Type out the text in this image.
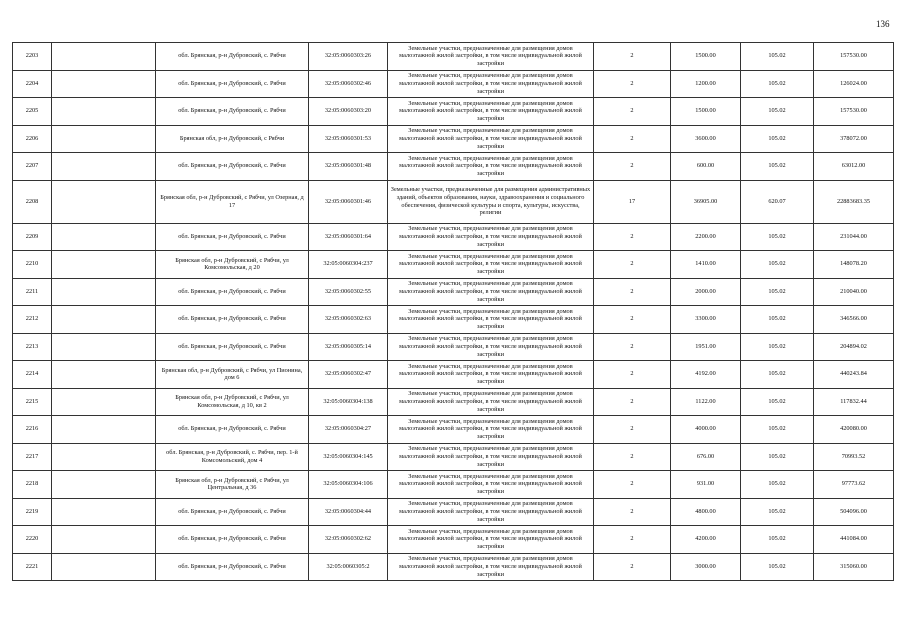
136
2203		обл. Брянская, р-н Дубровский, с. Рябчи	32:05:0060303:26	Земельные участки, предназначенные для размещения домов малоэтажной жилой застройки, в том числе индивидуальной жилой застройки	2	1500.00	105.02	157530.00
2204		обл. Брянская, р-н Дубровский, с. Рябчи	32:05:0060302:46	Земельные участки, предназначенные для размещения домов малоэтажной жилой застройки, в том числе индивидуальной жилой застройки	2	1200.00	105.02	126024.00
2205		обл. Брянская, р-н Дубровский, с. Рябчи	32:05:0060303:20	Земельные участки, предназначенные для размещения домов малоэтажной жилой застройки, в том числе индивидуальной жилой застройки	2	1500.00	105.02	157530.00
2206		Брянская обл, р-н Дубровский, с Рябчи	32:05:0060301:53	Земельные участки, предназначенные для размещения домов малоэтажной жилой застройки, в том числе индивидуальной жилой застройки	2	3600.00	105.02	378072.00
2207		обл. Брянская, р-н Дубровский, с. Рябчи	32:05:0060301:48	Земельные участки, предназначенные для размещения домов малоэтажной жилой застройки, в том числе индивидуальной жилой застройки	2	600.00	105.02	63012.00
2208		Брянская обл, р-н Дубровский, с Рябчи, ул Озерная, д 17	32:05:0060301:46	Земельные участки, предназначенные для размещения административных зданий, объектов образования, науки, здравоохранения и социального обеспечения, физической культуры и спорта, культуры, искусства, религии	17	36905.00	620.07	22883683.35
2209		обл. Брянская, р-н Дубровский, с. Рябчи	32:05:0060301:64	Земельные участки, предназначенные для размещения домов малоэтажной жилой застройки, в том числе индивидуальной жилой застройки	2	2200.00	105.02	231044.00
2210		Брянская обл, р-н Дубровский, с Рябчи, ул Комсомольская, д 20	32:05:0060304:237	Земельные участки, предназначенные для размещения домов малоэтажной жилой застройки, в том числе индивидуальной жилой застройки	2	1410.00	105.02	148078.20
2211		обл. Брянская, р-н Дубровский, с. Рябчи	32:05:0060302:55	Земельные участки, предназначенные для размещения домов малоэтажной жилой застройки, в том числе индивидуальной жилой застройки	2	2000.00	105.02	210040.00
2212		обл. Брянская, р-н Дубровский, с. Рябчи	32:05:0060302:63	Земельные участки, предназначенные для размещения домов малоэтажной жилой застройки, в том числе индивидуальной жилой застройки	2	3300.00	105.02	346566.00
2213		обл. Брянская, р-н Дубровский, с. Рябчи	32:05:0060305:14	Земельные участки, предназначенные для размещения домов малоэтажной жилой застройки, в том числе индивидуальной жилой застройки	2	1951.00	105.02	204894.02
2214		Брянская обл, р-н Дубровский, с Рябчи, ул Пионина, дом 6	32:05:0060302:47	Земельные участки, предназначенные для размещения домов малоэтажной жилой застройки, в том числе индивидуальной жилой застройки	2	4192.00	105.02	440243.84
2215		Брянская обл, р-н Дубровский, с Рябчи, ул Комсомольская, д 10, кв 2	32:05:0060304:138	Земельные участки, предназначенные для размещения домов малоэтажной жилой застройки, в том числе индивидуальной жилой застройки	2	1122.00	105.02	117832.44
2216		обл. Брянская, р-н Дубровский, с. Рябчи	32:05:0060304:27	Земельные участки, предназначенные для размещения домов малоэтажной жилой застройки, в том числе индивидуальной жилой застройки	2	4000.00	105.02	420080.00
2217		обл. Брянская, р-н Дубровский, с. Рябчи, пер. 1-й Комсомольский, дом 4	32:05:0060304:145	Земельные участки, предназначенные для размещения домов малоэтажной жилой застройки, в том числе индивидуальной жилой застройки	2	676.00	105.02	70993.52
2218		Брянская обл, р-н Дубровский, с Рябчи, ул Центральная, д 36	32:05:0060304:106	Земельные участки, предназначенные для размещения домов малоэтажной жилой застройки, в том числе индивидуальной жилой застройки	2	931.00	105.02	97773.62
2219		обл. Брянская, р-н Дубровский, с. Рябчи	32:05:0060304:44	Земельные участки, предназначенные для размещения домов малоэтажной жилой застройки, в том числе индивидуальной жилой застройки	2	4800.00	105.02	504096.00
2220		обл. Брянская, р-н Дубровский, с. Рябчи	32:05:0060302:62	Земельные участки, предназначенные для размещения домов малоэтажной жилой застройки, в том числе индивидуальной жилой застройки	2	4200.00	105.02	441084.00
2221		обл. Брянская, р-н Дубровский, с. Рябчи	32:05:0060305:2	Земельные участки, предназначенные для размещения домов малоэтажной жилой застройки, в том числе индивидуальной жилой застройки	2	3000.00	105.02	315060.00
